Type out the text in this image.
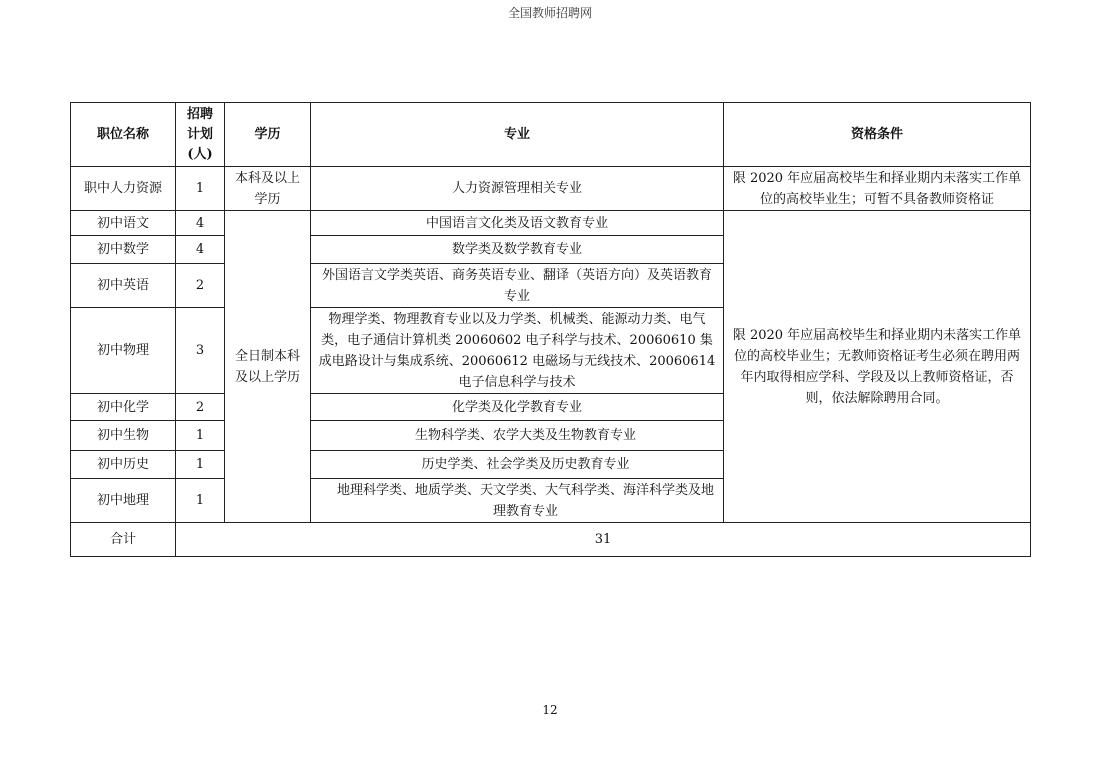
全国教师招聘网
职位名称	招聘计划(人)	学历	专业	资格条件
职中人力资源	1	本科及以上学历	人力资源管理相关专业	限 2020 年应届高校毕生和择业期内未落实工作单位的高校毕业生；可暂不具备教师资格证
初中语文	4	全日制本科及以上学历	中国语言文化类及语文教育专业	限 2020 年应届高校毕生和择业期内未落实工作单位的高校毕业生；无教师资格证考生必须在聘用两年内取得相应学科、学段及以上教师资格证，否则，依法解除聘用合同。
初中数学	4		数学类及数学教育专业	
初中英语	2		外国语言文学类英语、商务英语专业、翻译（英语方向）及英语教育专业	
初中物理	3		物理学类、物理教育专业以及力学类、机械类、能源动力类、电气类，电子通信计算机类 20060602 电子科学与技术、20060610 集成电路设计与集成系统、20060612 电磁场与无线技术、20060614 电子信息科学与技术	
初中化学	2		化学类及化学教育专业	
初中生物	1		生物科学类、农学大类及生物教育专业	
初中历史	1		历史学类、社会学类及历史教育专业	
初中地理	1		地理科学类、地质学类、天文学类、大气科学类、海洋科学类及地理教育专业	
合计	31			
12
